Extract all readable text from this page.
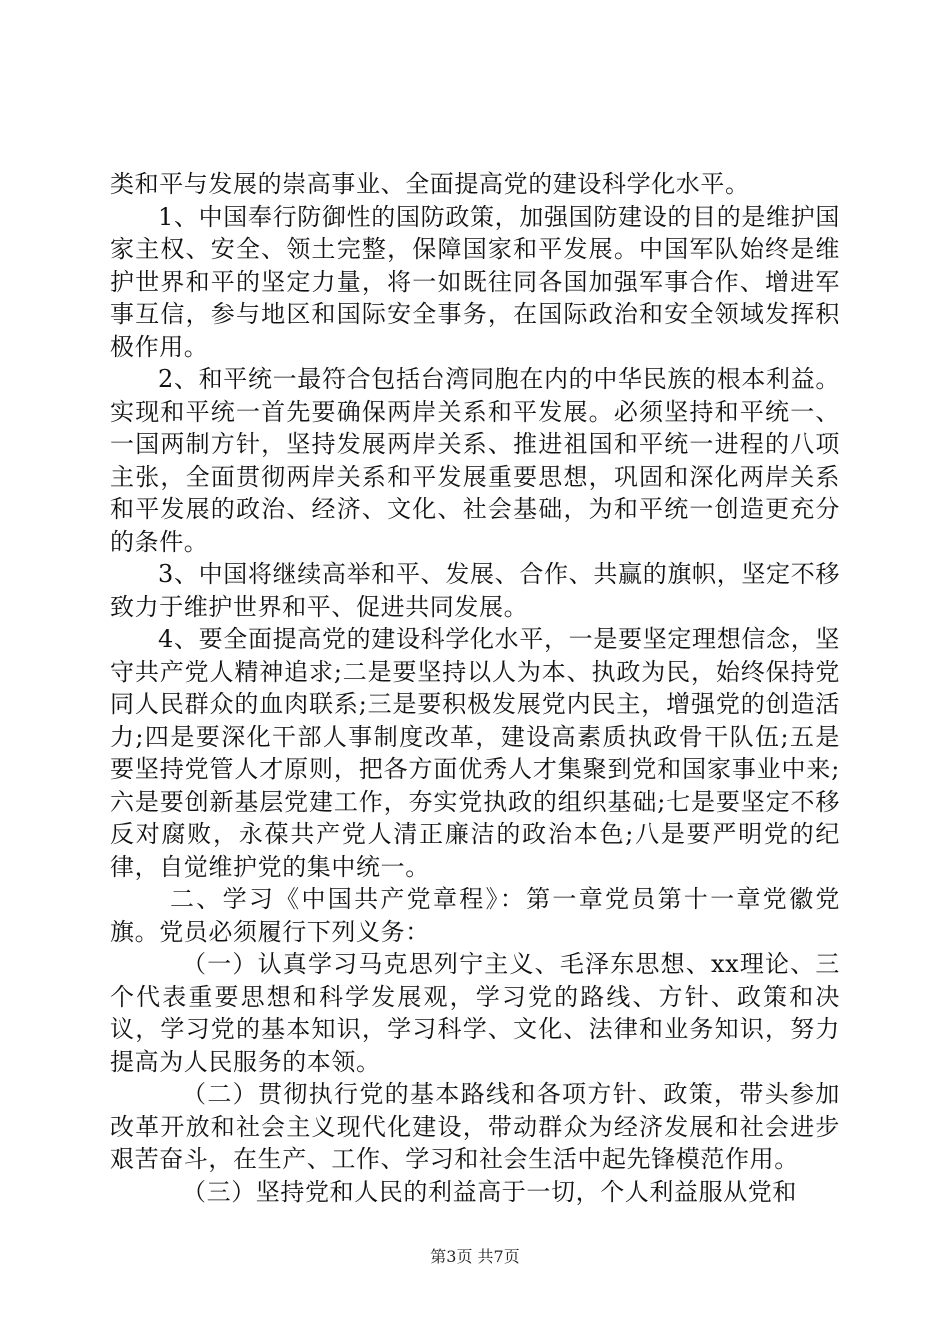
类和平与发展的崇高事业、全面提高党的建设科学化水平。

1、中国奉行防御性的国防政策，加强国防建设的目的是维护国家主权、安全、领土完整，保障国家和平发展。中国军队始终是维护世界和平的坚定力量，将一如既往同各国加强军事合作、增进军事互信，参与地区和国际安全事务，在国际政治和安全领域发挥积极作用。

2、和平统一最符合包括台湾同胞在内的中华民族的根本利益。实现和平统一首先要确保两岸关系和平发展。必须坚持和平统一、一国两制方针，坚持发展两岸关系、推进祖国和平统一进程的八项主张，全面贯彻两岸关系和平发展重要思想，巩固和深化两岸关系和平发展的政治、经济、文化、社会基础，为和平统一创造更充分的条件。

3、中国将继续高举和平、发展、合作、共赢的旗帜，坚定不移致力于维护世界和平、促进共同发展。

4、要全面提高党的建设科学化水平，一是要坚定理想信念，坚守共产党人精神追求;二是要坚持以人为本、执政为民，始终保持党同人民群众的血肉联系;三是要积极发展党内民主，增强党的创造活力;四是要深化干部人事制度改革，建设高素质执政骨干队伍;五是要坚持党管人才原则，把各方面优秀人才集聚到党和国家事业中来;六是要创新基层党建工作，夯实党执政的组织基础;七是要坚定不移反对腐败，永葆共产党人清正廉洁的政治本色;八是要严明党的纪律，自觉维护党的集中统一。

二、学习《中国共产党章程》：第一章党员第十一章党徽党旗。党员必须履行下列义务：

（一）认真学习马克思列宁主义、毛泽东思想、xx理论、三个代表重要思想和科学发展观，学习党的路线、方针、政策和决议，学习党的基本知识，学习科学、文化、法律和业务知识，努力提高为人民服务的本领。

（二）贯彻执行党的基本路线和各项方针、政策，带头参加改革开放和社会主义现代化建设，带动群众为经济发展和社会进步艰苦奋斗，在生产、工作、学习和社会生活中起先锋模范作用。

（三）坚持党和人民的利益高于一切，个人利益服从党和

第3页 共7页
